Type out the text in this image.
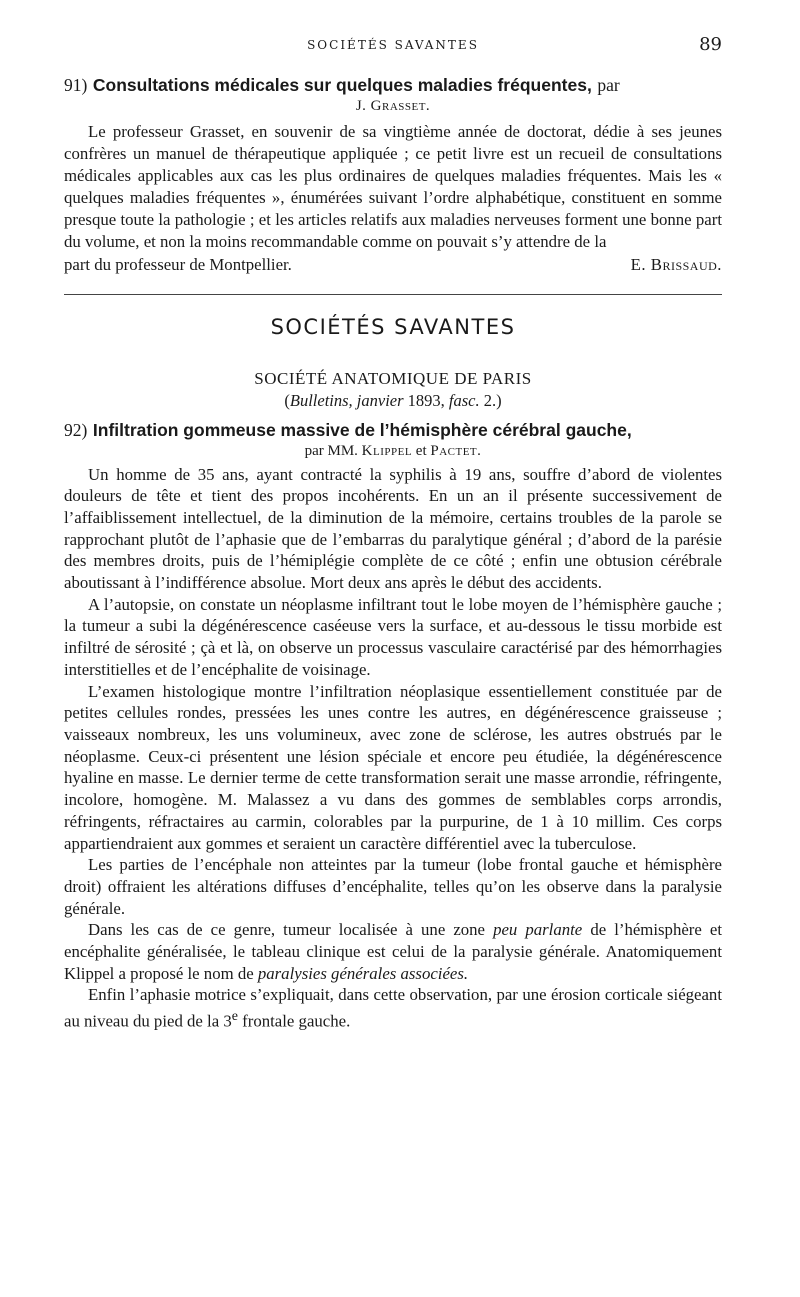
SOCIÉTÉS SAVANTES	89

91) Consultations médicales sur quelques maladies fréquentes, par

J. Grasset.

Le professeur Grasset, en souvenir de sa vingtième année de doctorat, dédie à ses jeunes confrères un manuel de thérapeutique appliquée ; ce petit livre est un recueil de consultations médicales applicables aux cas les plus ordinaires de quelques maladies fréquentes. Mais les « quelques maladies fréquentes », énumérées suivant l’ordre alphabétique, constituent en somme presque toute la pathologie ; et les articles relatifs aux maladies nerveuses forment une bonne part du volume, et non la moins recommandable comme on pouvait s’y attendre de la

part du professeur de Montpellier.	E. Brissaud.
SOCIÉTÉS SAVANTES
SOCIÉTÉ ANATOMIQUE DE PARIS
(Bulletins, janvier 1893, fasc. 2.)

92) Infiltration gommeuse massive de l’hémisphère cérébral gauche,

par MM. Klippel et Pactet.

Un homme de 35 ans, ayant contracté la syphilis à 19 ans, souffre d’abord de violentes douleurs de tête et tient des propos incohérents. En un an il présente successivement de l’affaiblissement intellectuel, de la diminution de la mémoire, certains troubles de la parole se rapprochant plutôt de l’aphasie que de l’embarras du paralytique général ; d’abord de la parésie des membres droits, puis de l’hémiplégie complète de ce côté ; enfin une obtusion cérébrale aboutissant à l’indifférence absolue. Mort deux ans après le début des accidents.

A l’autopsie, on constate un néoplasme infiltrant tout le lobe moyen de l’hémisphère gauche ; la tumeur a subi la dégénérescence caséeuse vers la surface, et au-dessous le tissu morbide est infiltré de sérosité ; çà et là, on observe un processus vasculaire caractérisé par des hémorrhagies interstitielles et de l’encéphalite de voisinage.

L’examen histologique montre l’infiltration néoplasique essentiellement constituée par de petites cellules rondes, pressées les unes contre les autres, en dégénérescence graisseuse ; vaisseaux nombreux, les uns volumineux, avec zone de sclérose, les autres obstrués par le néoplasme. Ceux-ci présentent une lésion spéciale et encore peu étudiée, la dégénérescence hyaline en masse. Le dernier terme de cette transformation serait une masse arrondie, réfringente, incolore, homogène. M. Malassez a vu dans des gommes de semblables corps arrondis, réfringents, réfractaires au carmin, colorables par la purpurine, de 1 à 10 millim. Ces corps appartiendraient aux gommes et seraient un caractère différentiel avec la tuberculose.

Les parties de l’encéphale non atteintes par la tumeur (lobe frontal gauche et hémisphère droit) offraient les altérations diffuses d’encéphalite, telles qu’on les observe dans la paralysie générale.

Dans les cas de ce genre, tumeur localisée à une zone peu parlante de l’hémisphère et encéphalite généralisée, le tableau clinique est celui de la paralysie générale. Anatomiquement Klippel a proposé le nom de paralysies générales associées.

Enfin l’aphasie motrice s’expliquait, dans cette observation, par une érosion corticale siégeant au niveau du pied de la 3e frontale gauche.
